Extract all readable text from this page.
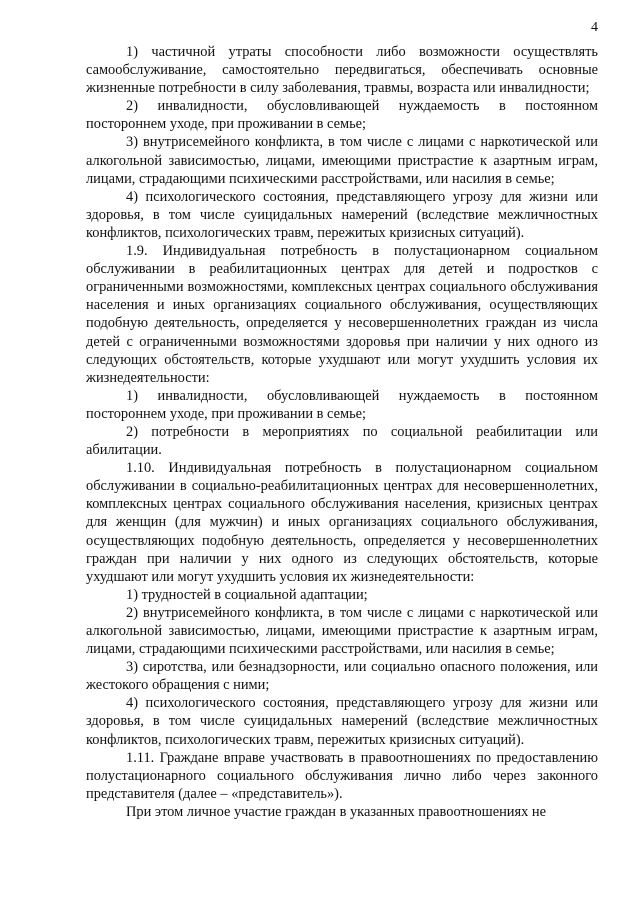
4

1) частичной утраты способности либо возможности осуществлять самообслуживание, самостоятельно передвигаться, обеспечивать основные жизненные потребности в силу заболевания, травмы, возраста или инвалидности;

2) инвалидности, обусловливающей нуждаемость в постоянном постороннем уходе, при проживании в семье;

3) внутрисемейного конфликта, в том числе с лицами с наркотической или алкогольной зависимостью, лицами, имеющими пристрастие к азартным играм, лицами, страдающими психическими расстройствами, или насилия в семье;

4) психологического состояния, представляющего угрозу для жизни или здоровья, в том числе суицидальных намерений (вследствие межличностных конфликтов, психологических травм, пережитых кризисных ситуаций).

1.9. Индивидуальная потребность в полустационарном социальном обслуживании в реабилитационных центрах для детей и подростков с ограниченными возможностями, комплексных центрах социального обслуживания населения и иных организациях социального обслуживания, осуществляющих подобную деятельность, определяется у несовершеннолетних граждан из числа детей с ограниченными возможностями здоровья при наличии у них одного из следующих обстоятельств, которые ухудшают или могут ухудшить условия их жизнедеятельности:

1) инвалидности, обусловливающей нуждаемость в постоянном постороннем уходе, при проживании в семье;

2) потребности в мероприятиях по социальной реабилитации или абилитации.

1.10. Индивидуальная потребность в полустационарном социальном обслуживании в социально-реабилитационных центрах для несовершеннолетних, комплексных центрах социального обслуживания населения, кризисных центрах для женщин (для мужчин) и иных организациях социального обслуживания, осуществляющих подобную деятельность, определяется у несовершеннолетних граждан при наличии у них одного из следующих обстоятельств, которые ухудшают или могут ухудшить условия их жизнедеятельности:

1) трудностей в социальной адаптации;

2) внутрисемейного конфликта, в том числе с лицами с наркотической или алкогольной зависимостью, лицами, имеющими пристрастие к азартным играм, лицами, страдающими психическими расстройствами, или насилия в семье;

3) сиротства, или безнадзорности, или социально опасного положения, или жестокого обращения с ними;

4) психологического состояния, представляющего угрозу для жизни или здоровья, в том числе суицидальных намерений (вследствие межличностных конфликтов, психологических травм, пережитых кризисных ситуаций).

1.11. Граждане вправе участвовать в правоотношениях по предоставлению полустационарного социального обслуживания лично либо через законного представителя (далее – «представитель»).

При этом личное участие граждан в указанных правоотношениях не
